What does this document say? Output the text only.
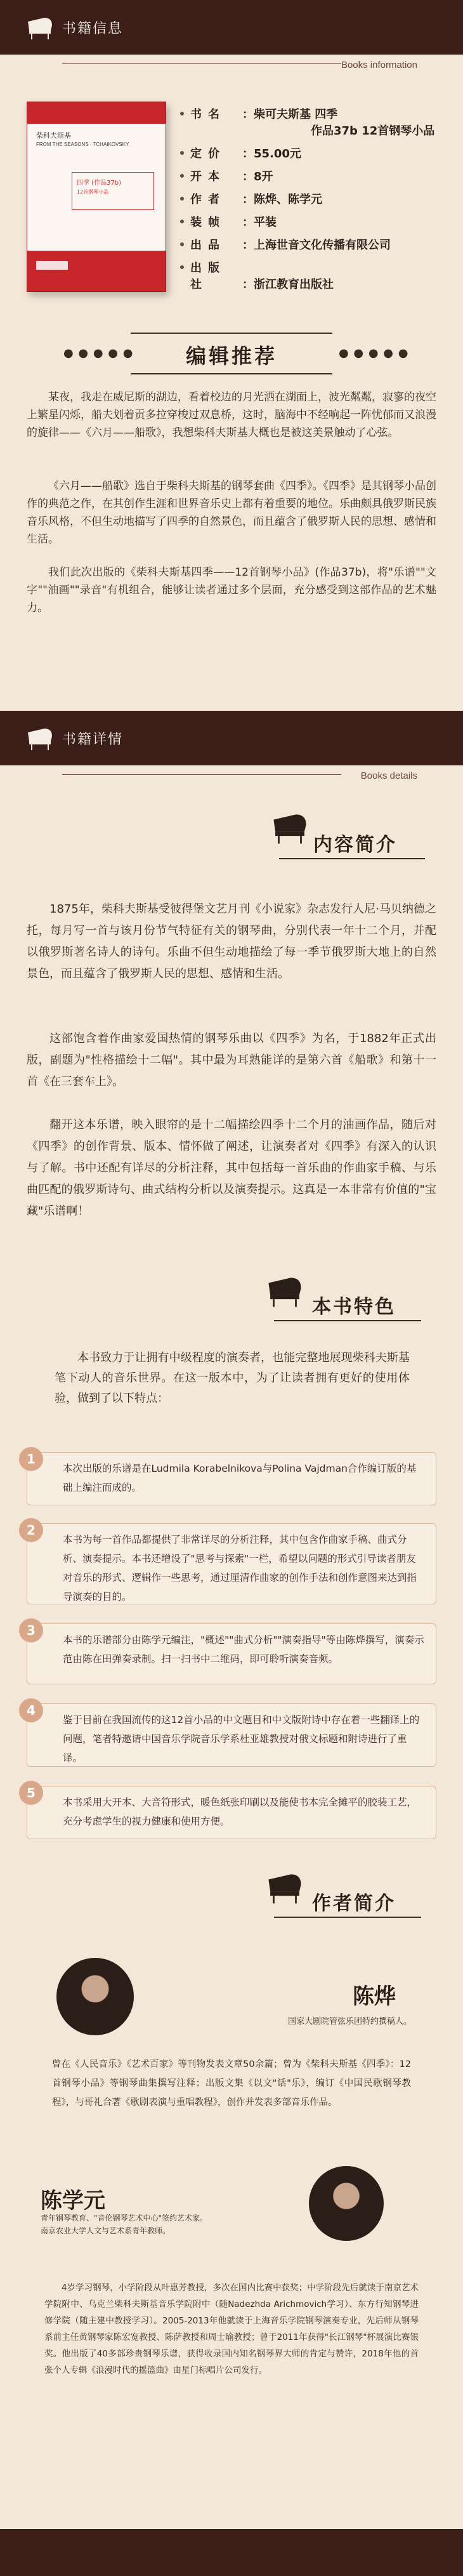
书籍信息
Books information
柴科夫斯基
FROM THE SEASONS · TCHAIKOVSKY
四季 (作品37b)
12首钢琴小品
书名 ：柴可夫斯基 四季
作品37b 12首钢琴小品
定价 ：55.00元
开本 ：8开
作者 ：陈烨、陈学元
装帧 ：平装
出品 ：上海世音文化传播有限公司
出版社	：浙江教育出版社
编辑推荐
● ● ● ● ●	● ● ● ● ●

某夜，我走在威尼斯的湖边，看着校边的月光洒在湖面上，波光粼粼，寂寥的夜空上繁星闪烁，船夫划着贡多拉穿梭过双息桥，这时，脑海中不经响起一阵忧郁而又浪漫的旋律——《六月——船歌》，我想柴科夫斯基大概也是被这美景触动了心弦。

《六月——船歌》选自于柴科夫斯基的钢琴套曲《四季》。《四季》是其钢琴小品创作的典范之作，在其创作生涯和世界音乐史上都有着重要的地位。乐曲颇具俄罗斯民族音乐风格，不但生动地描写了四季的自然景色，而且蕴含了俄罗斯人民的思想、感情和生活。

我们此次出版的《柴科夫斯基四季——12首钢琴小品》(作品37b)，将"乐谱""文字""油画""录音"有机组合，能够让读者通过多个层面，充分感受到这部作品的艺术魅力。

书籍详情
Books details
内容简介

1875年，柴科夫斯基受彼得堡文艺月刊《小说家》杂志发行人尼·马贝纳德之托，每月写一首与该月份节气特征有关的钢琴曲，分别代表一年十二个月，并配以俄罗斯著名诗人的诗句。乐曲不但生动地描绘了每一季节俄罗斯大地上的自然景色，而且蕴含了俄罗斯人民的思想、感情和生活。

这部饱含着作曲家爱国热情的钢琴乐曲以《四季》为名，于1882年正式出版，副题为"性格描绘十二幅"。其中最为耳熟能详的是第六首《船歌》和第十一首《在三套车上》。

翻开这本乐谱，映入眼帘的是十二幅描绘四季十二个月的油画作品，随后对《四季》的创作背景、版本、情怀做了阐述，让演奏者对《四季》有深入的认识与了解。书中还配有详尽的分析注释，其中包括每一首乐曲的作曲家手稿、与乐曲匹配的俄罗斯诗句、曲式结构分析以及演奏提示。这真是一本非常有价值的"宝藏"乐谱啊！

本书特色

本书致力于让拥有中级程度的演奏者，也能完整地展现柴科夫斯基笔下动人的音乐世界。在这一版本中，为了让读者拥有更好的使用体验，做到了以下特点：

本次出版的乐谱是在Ludmila Korabelnikova与Polina Vajdman合作编订版的基础上编注而成的。
1
本书为每一首作品都提供了非常详尽的分析注释，其中包含作曲家手稿、曲式分析、演奏提示。本书还增设了"思考与探索"一栏，希望以问题的形式引导读者朋友对音乐的形式、逻辑作一些思考，通过厘清作曲家的创作手法和创作意图来达到指导演奏的目的。
2
本书的乐谱部分由陈学元编注，"概述""曲式分析""演奏指导"等由陈烨撰写，演奏示范由陈在田弹奏录制。扫一扫书中二维码，即可聆听演奏音频。
3
鉴于目前在我国流传的这12首小品的中文题目和中文版附诗中存在着一些翻译上的问题，笔者特邀请中国音乐学院音乐学系杜亚雄教授对俄文标题和附诗进行了重译。
4
本书采用大开本、大音符形式，暖色纸张印刷以及能使书本完全摊平的胶装工艺，充分考虑学生的视力健康和使用方便。
5
作者简介
陈烨
国家大剧院管弦乐团特约撰稿人。

曾在《人民音乐》《艺术百家》等刊物发表文章50余篇；曾为《柴科夫斯基《四季》：12首钢琴小品》等钢琴曲集撰写注释；出版文集《以文"话"乐》，编订《中国民歌钢琴教程》，与哥礼合著《歌剧表演与重唱教程》，创作并发表多部音乐作品。

陈学元
青年钢琴教育、"音伦钢琴艺术中心"签约艺术家。
南京农业大学人文与艺术系青年教师。

4岁学习钢琴，小学阶段从叶惠芳教授，多次在国内比赛中获奖；中学阶段先后就读于南京艺术学院附中、乌克兰柴科夫斯基音乐学院附中（随Nadezhda Arichmovich学习）、东方行知钢琴进修学院（随主建中教授学习）。2005-2013年他就读于上海音乐学院钢琴演奏专业，先后师从钢琴系前主任黄钢琴家陈宏宽教授、陈萨教授和周士瑜教授；曾于2011年获得"长江钢琴"杯展演比赛银奖。他出版了40多部珍贵钢琴乐谱，获得收录国内知名钢琴界大师的肯定与赞许，2018年他的首张个人专辑《浪漫时代的摇篮曲》由星门标唱片公司发行。
